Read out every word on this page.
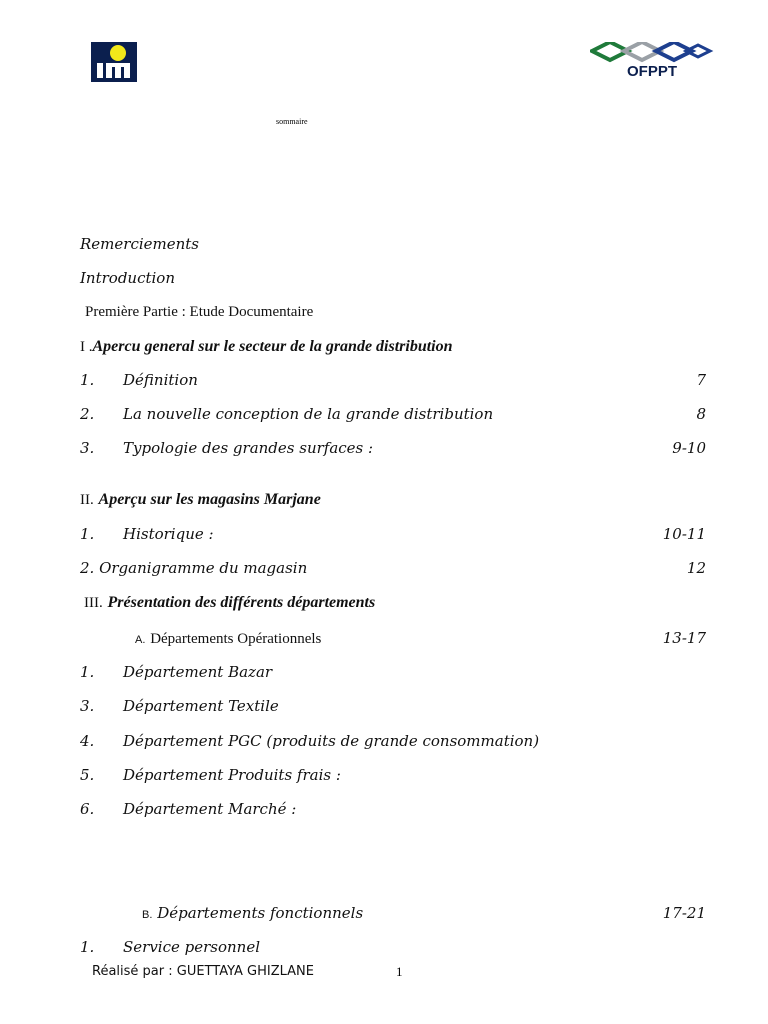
OFPPT
sommaire
Remerciements
Introduction
Première Partie : Etude Documentaire
I .Apercu general sur le secteur de la grande distribution
1. Définition	7
2. La nouvelle conception de la grande distribution	8
3. Typologie des grandes surfaces :	9-10
II. Aperçu sur les magasins Marjane
1. Historique :	10-11
2. Organigramme du magasin	12
III. Présentation des différents départements
A. Départements Opérationnels	13-17
1. Département Bazar
3. Département Textile
4. Département PGC (produits de grande consommation)
5. Département Produits frais :
6. Département Marché :
B. Départements fonctionnels	17-21
1. Service personnel
Réalisé par : GUETTAYA GHIZLANE	1
